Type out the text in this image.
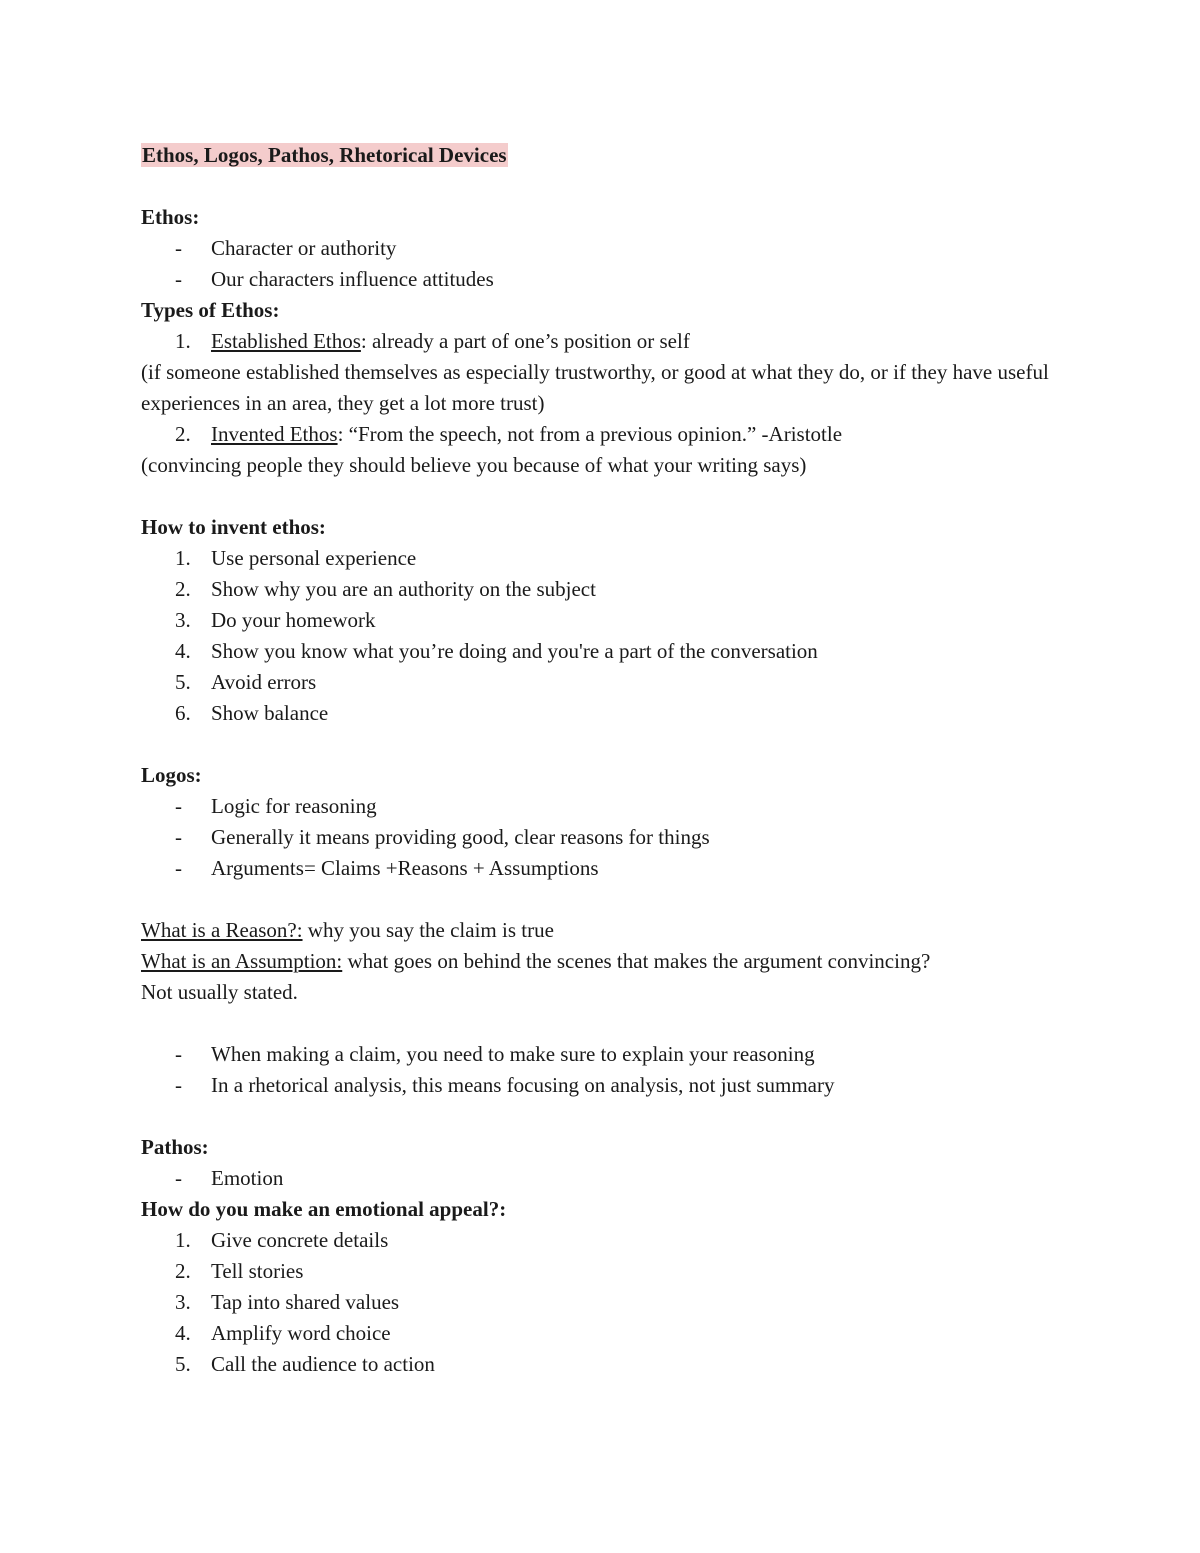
Ethos, Logos, Pathos, Rhetorical Devices
Ethos:
-	Character or authority
-	Our characters influence attitudes
Types of Ethos:
1. Established Ethos: already a part of one’s position or self
(if someone established themselves as especially trustworthy, or good at what they do, or if they have useful experiences in an area, they get a lot more trust)
2. Invented Ethos: “From the speech, not from a previous opinion.” -Aristotle
(convincing people they should believe you because of what your writing says)
How to invent ethos:
1. Use personal experience
2. Show why you are an authority on the subject
3. Do your homework
4. Show you know what you’re doing and you're a part of the conversation
5. Avoid errors
6. Show balance
Logos:
-	Logic for reasoning
-	Generally it means providing good, clear reasons for things
-	Arguments= Claims +Reasons + Assumptions
What is a Reason?: why you say the claim is true
What is an Assumption: what goes on behind the scenes that makes the argument convincing?
Not usually stated.
-	When making a claim, you need to make sure to explain your reasoning
-	In a rhetorical analysis, this means focusing on analysis, not just summary
Pathos:
-	Emotion
How do you make an emotional appeal?:
1. Give concrete details
2. Tell stories
3. Tap into shared values
4. Amplify word choice
5. Call the audience to action
